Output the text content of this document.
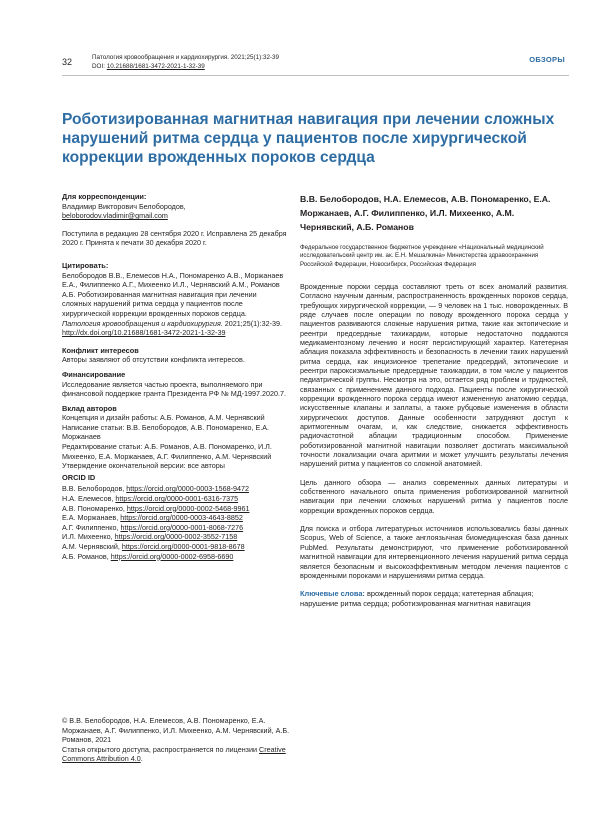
32	Патология кровообращения и кардиохирургия. 2021;25(1):32-39
DOI: 10.21688/1681-3472-2021-1-32-39
ОБЗОРЫ
Роботизированная магнитная навигация при лечении сложных нарушений ритма сердца у пациентов после хирургической коррекции врожденных пороков сердца

Для корреспонденции:

Владимир Викторович Белобородов,

beloborodov.vladimir@gmail.com

Поступила в редакцию 28 сентября 2020 г. Исправлена 25 декабря 2020 г. Принята к печати 30 декабря 2020 г.

Цитировать:

Белобородов В.В., Елемесов Н.А., Пономаренко А.В., Моржанаев Е.А., Филиппенко А.Г., Михеенко И.Л., Чернявский А.М., Романов А.Б. Роботизированная магнитная навигация при лечении сложных нарушений ритма сердца у пациентов после хирургической коррекции врожденных пороков сердца. Патология кровообращения и кардиохирургия. 2021;25(1):32-39. http://dx.doi.org/10.21688/1681-3472-2021-1-32-39

Конфликт интересов

Авторы заявляют об отсутствии конфликта интересов.

Финансирование

Исследование является частью проекта, выполняемого при финансовой поддержке гранта Президента РФ № МД-1997.2020.7.

Вклад авторов

Концепция и дизайн работы: А.Б. Романов, А.М. Чернявский

Написание статьи: В.В. Белобородов, А.В. Пономаренко, Е.А. Моржанаев

Редактирование статьи: А.Б. Романов, А.В. Пономаренко, И.Л. Михеенко, Е.А. Моржанаев, А.Г. Филиппенко, А.М. Чернявский

Утверждение окончательной версии: все авторы

ORCID ID

В.В. Белобородов, https://orcid.org/0000-0003-1568-9472

Н.А. Елемесов, https://orcid.org/0000-0001-6316-7375

А.В. Пономаренко, https://orcid.org/0000-0002-5468-9961

Е.А. Моржанаев, https://orcid.org/0000-0003-4643-8852

А.Г. Филиппенко, https://orcid.org/0000-0001-8068-7276

И.Л. Михеенко, https://orcid.org/0000-0002-3552-7158

А.М. Чернявский, https://orcid.org/0000-0001-9818-8678

А.Б. Романов, https://orcid.org/0000-0002-6958-6690

© В.В. Белобородов, Н.А. Елемесов, А.В. Пономаренко, Е.А. Моржанаев, А.Г. Филиппенко, И.Л. Михеенко, А.М. Чернявский, А.Б. Романов, 2021

Статья открытого доступа, распространяется по лицензии Creative Commons Attribution 4.0.

В.В. Белобородов, Н.А. Елемесов, А.В. Пономаренко, Е.А. Моржанаев, А.Г. Филиппенко, И.Л. Михеенко, А.М. Чернявский, А.Б. Романов

Федеральное государственное бюджетное учреждение «Национальный медицинский исследовательский центр им. ак. Е.Н. Мешалкина» Министерства здравоохранения Российской Федерации, Новосибирск, Российская Федерация

Врожденные пороки сердца составляют треть от всех аномалий развития. Согласно научным данным, распространенность врожденных пороков сердца, требующих хирургической коррекции, — 9 человек на 1 тыс. новорожденных. В ряде случаев после операции по поводу врожденного порока сердца у пациентов развиваются сложные нарушения ритма, такие как эктопические и реентри предсердные тахикардии, которые недостаточно поддаются медикаментозному лечению и носят персистирующий характер. Катетерная аблация показала эффективность и безопасность в лечении таких нарушений ритма сердца, как инцизионное трепетание предсердий, эктопические и реентри пароксизмальные предсердные тахикардии, в том числе у пациентов педиатрической группы. Несмотря на это, остается ряд проблем и трудностей, связанных с применением данного подхода. Пациенты после хирургической коррекции врожденного порока сердца имеют измененную анатомию сердца, искусственные клапаны и заплаты, а также рубцовые изменения в области хирургических доступов. Данные особенности затрудняют доступ к аритмогенным очагам, и, как следствие, снижается эффективность радиочастотной аблации традиционным способом. Применение роботизированной магнитной навигации позволяет достигать максимальной точности локализации очага аритмии и может улучшить результаты лечения нарушений ритма у пациентов со сложной анатомией.

Цель данного обзора — анализ современных данных литературы и собственного начального опыта применения роботизированной магнитной навигации при лечении сложных нарушений ритма у пациентов после коррекции врожденных пороков сердца.

Для поиска и отбора литературных источников использовались базы данных Scopus, Web of Science, а также англоязычная биомедицинская база данных PubMed. Результаты демонстрируют, что применение роботизированной магнитной навигации для интервенционного лечения нарушений ритма сердца является безопасным и высокоэффективным методом лечения пациентов с врожденными пороками и нарушениями ритма сердца.

Ключевые слова: врожденный порок сердца; катетерная аблация; нарушение ритма сердца; роботизированная магнитная навигация
